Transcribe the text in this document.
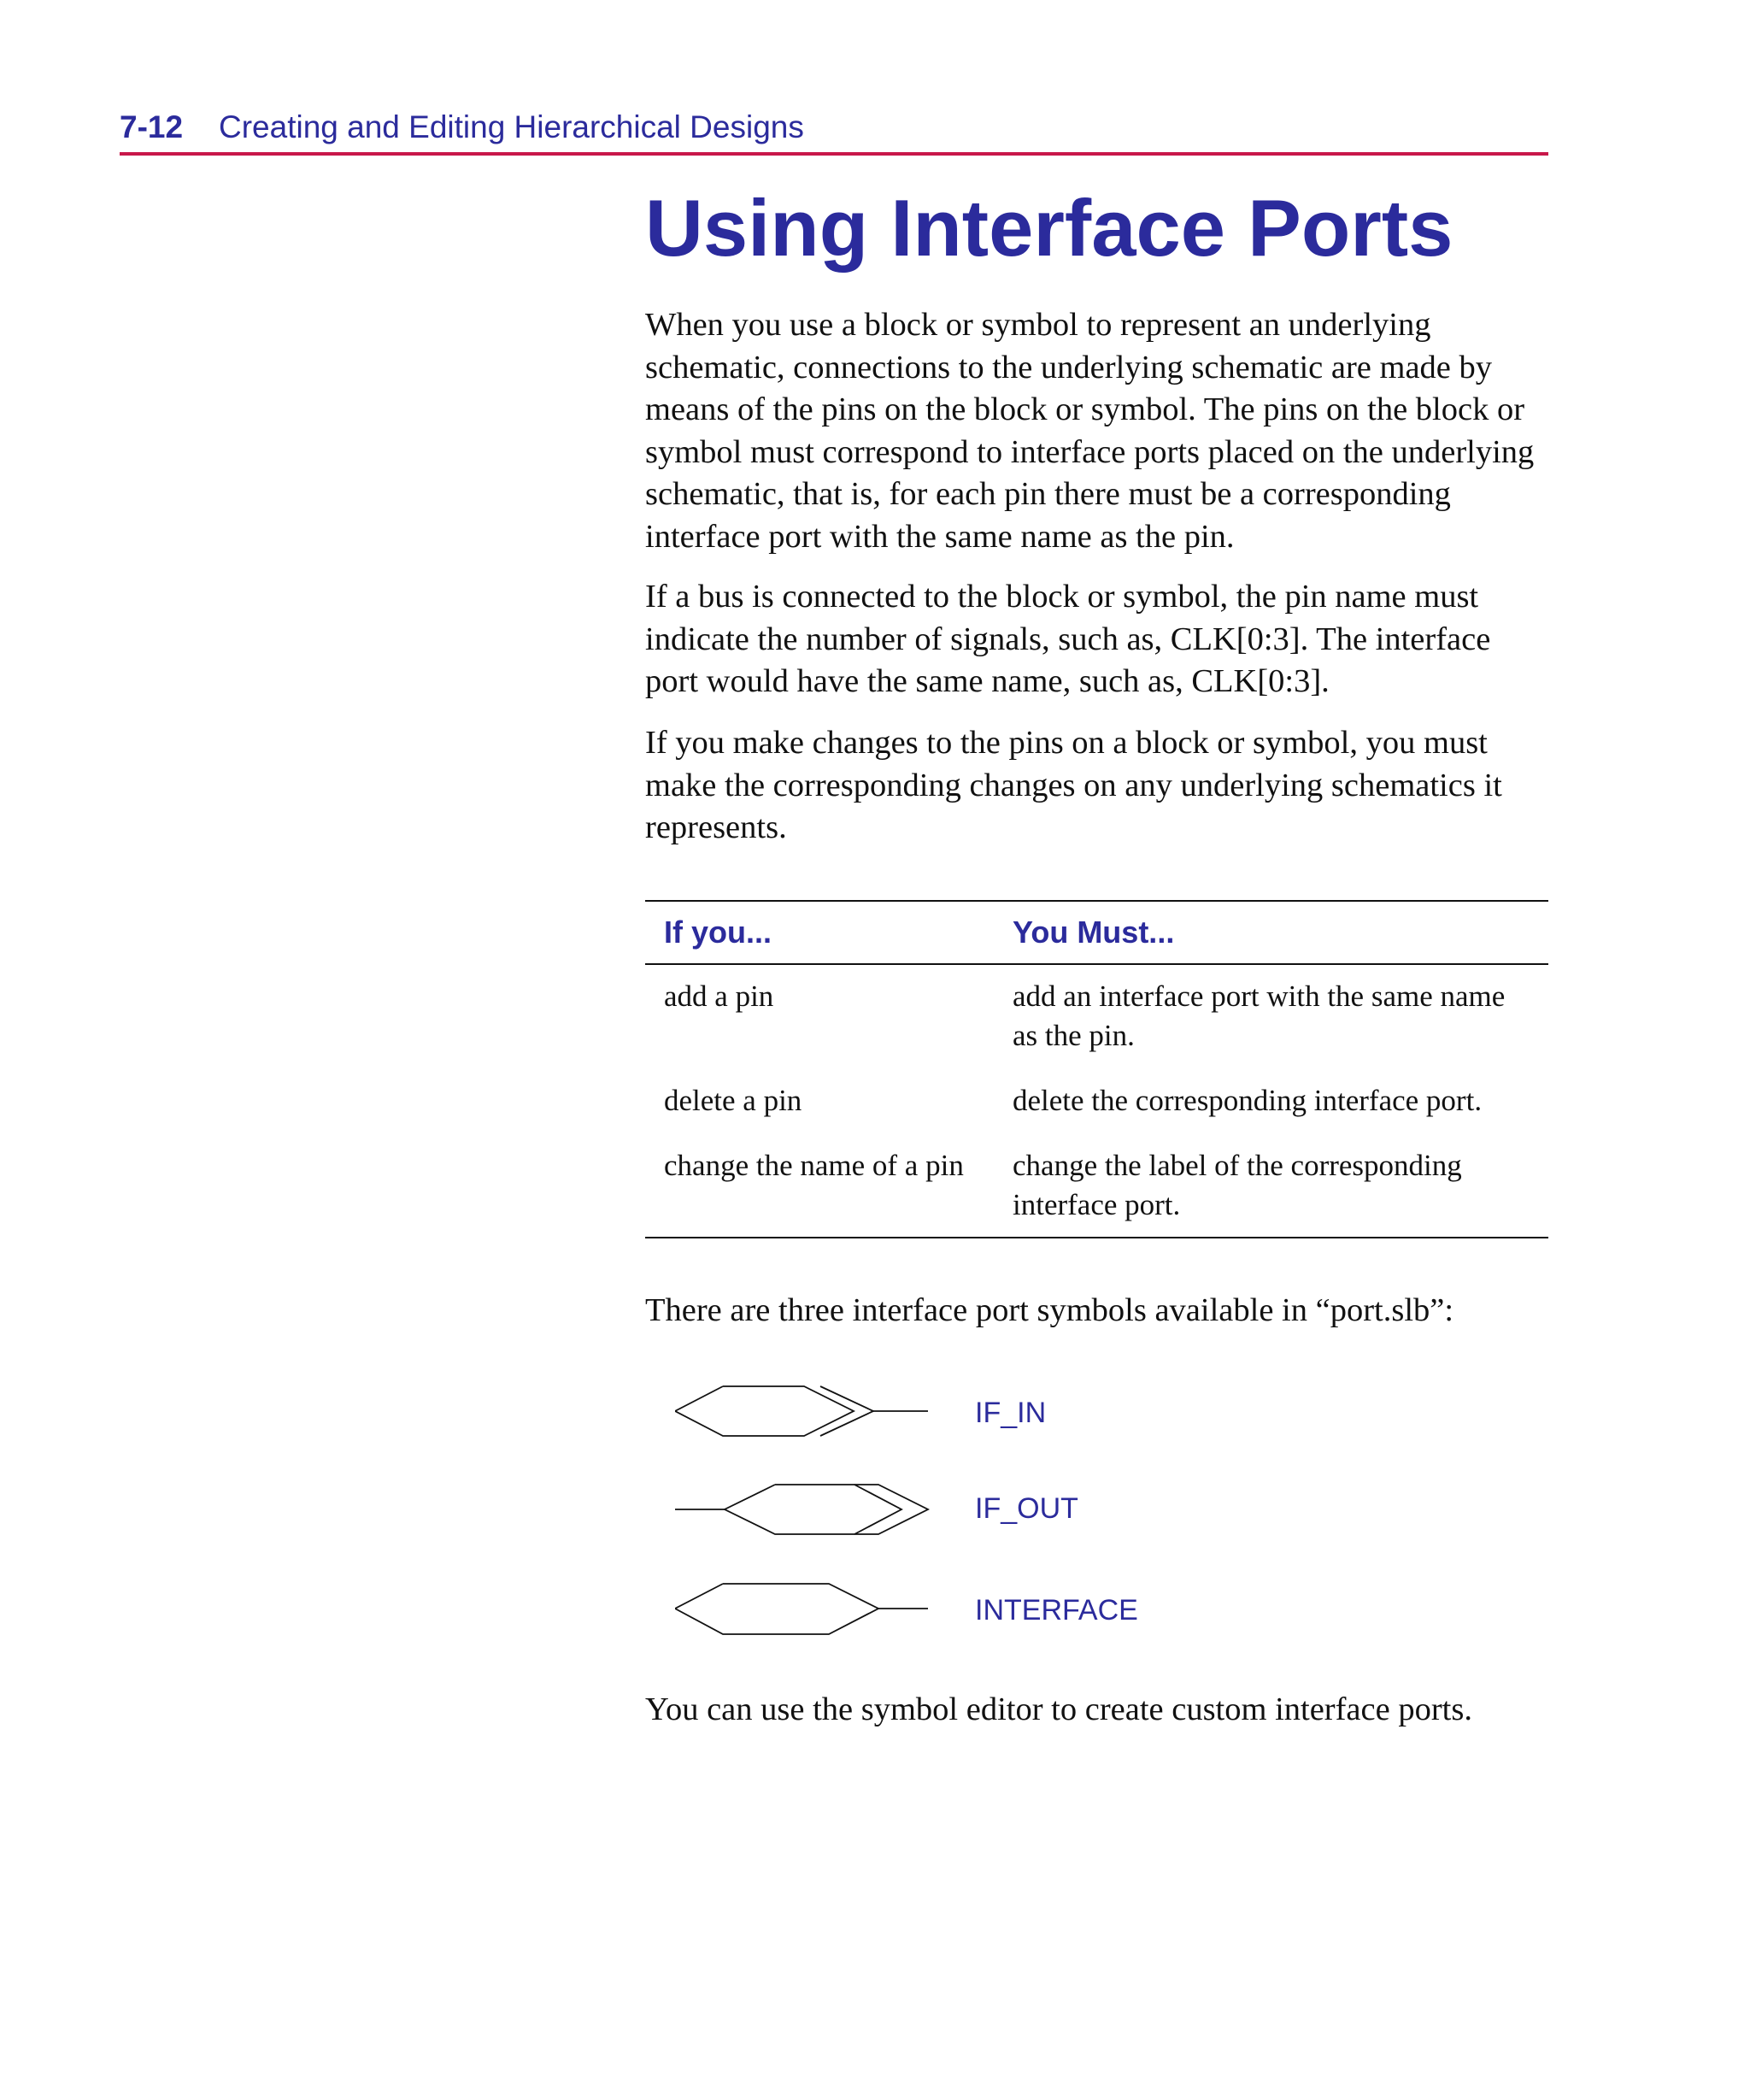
7-12 Creating and Editing Hierarchical Designs
Using Interface Ports

When you use a block or symbol to represent an underlying schematic, connections to the underlying schematic are made by means of the pins on the block or symbol. The pins on the block or symbol must correspond to interface ports placed on the underlying schematic, that is, for each pin there must be a corresponding interface port with the same name as the pin.

If a bus is connected to the block or symbol, the pin name must indicate the number of signals, such as, CLK[0:3]. The interface port would have the same name, such as, CLK[0:3].

If you make changes to the pins on a block or symbol, you must make the corresponding changes on any underlying schematics it represents.

If you...	You Must...
add a pin	add an interface port with the same name as the pin.
delete a pin	delete the corresponding interface port.
change the name of a pin	change the label of the corresponding interface port.

There are three interface port symbols available in “port.slb”:

IF_IN
IF_OUT
INTERFACE

You can use the symbol editor to create custom interface ports.
